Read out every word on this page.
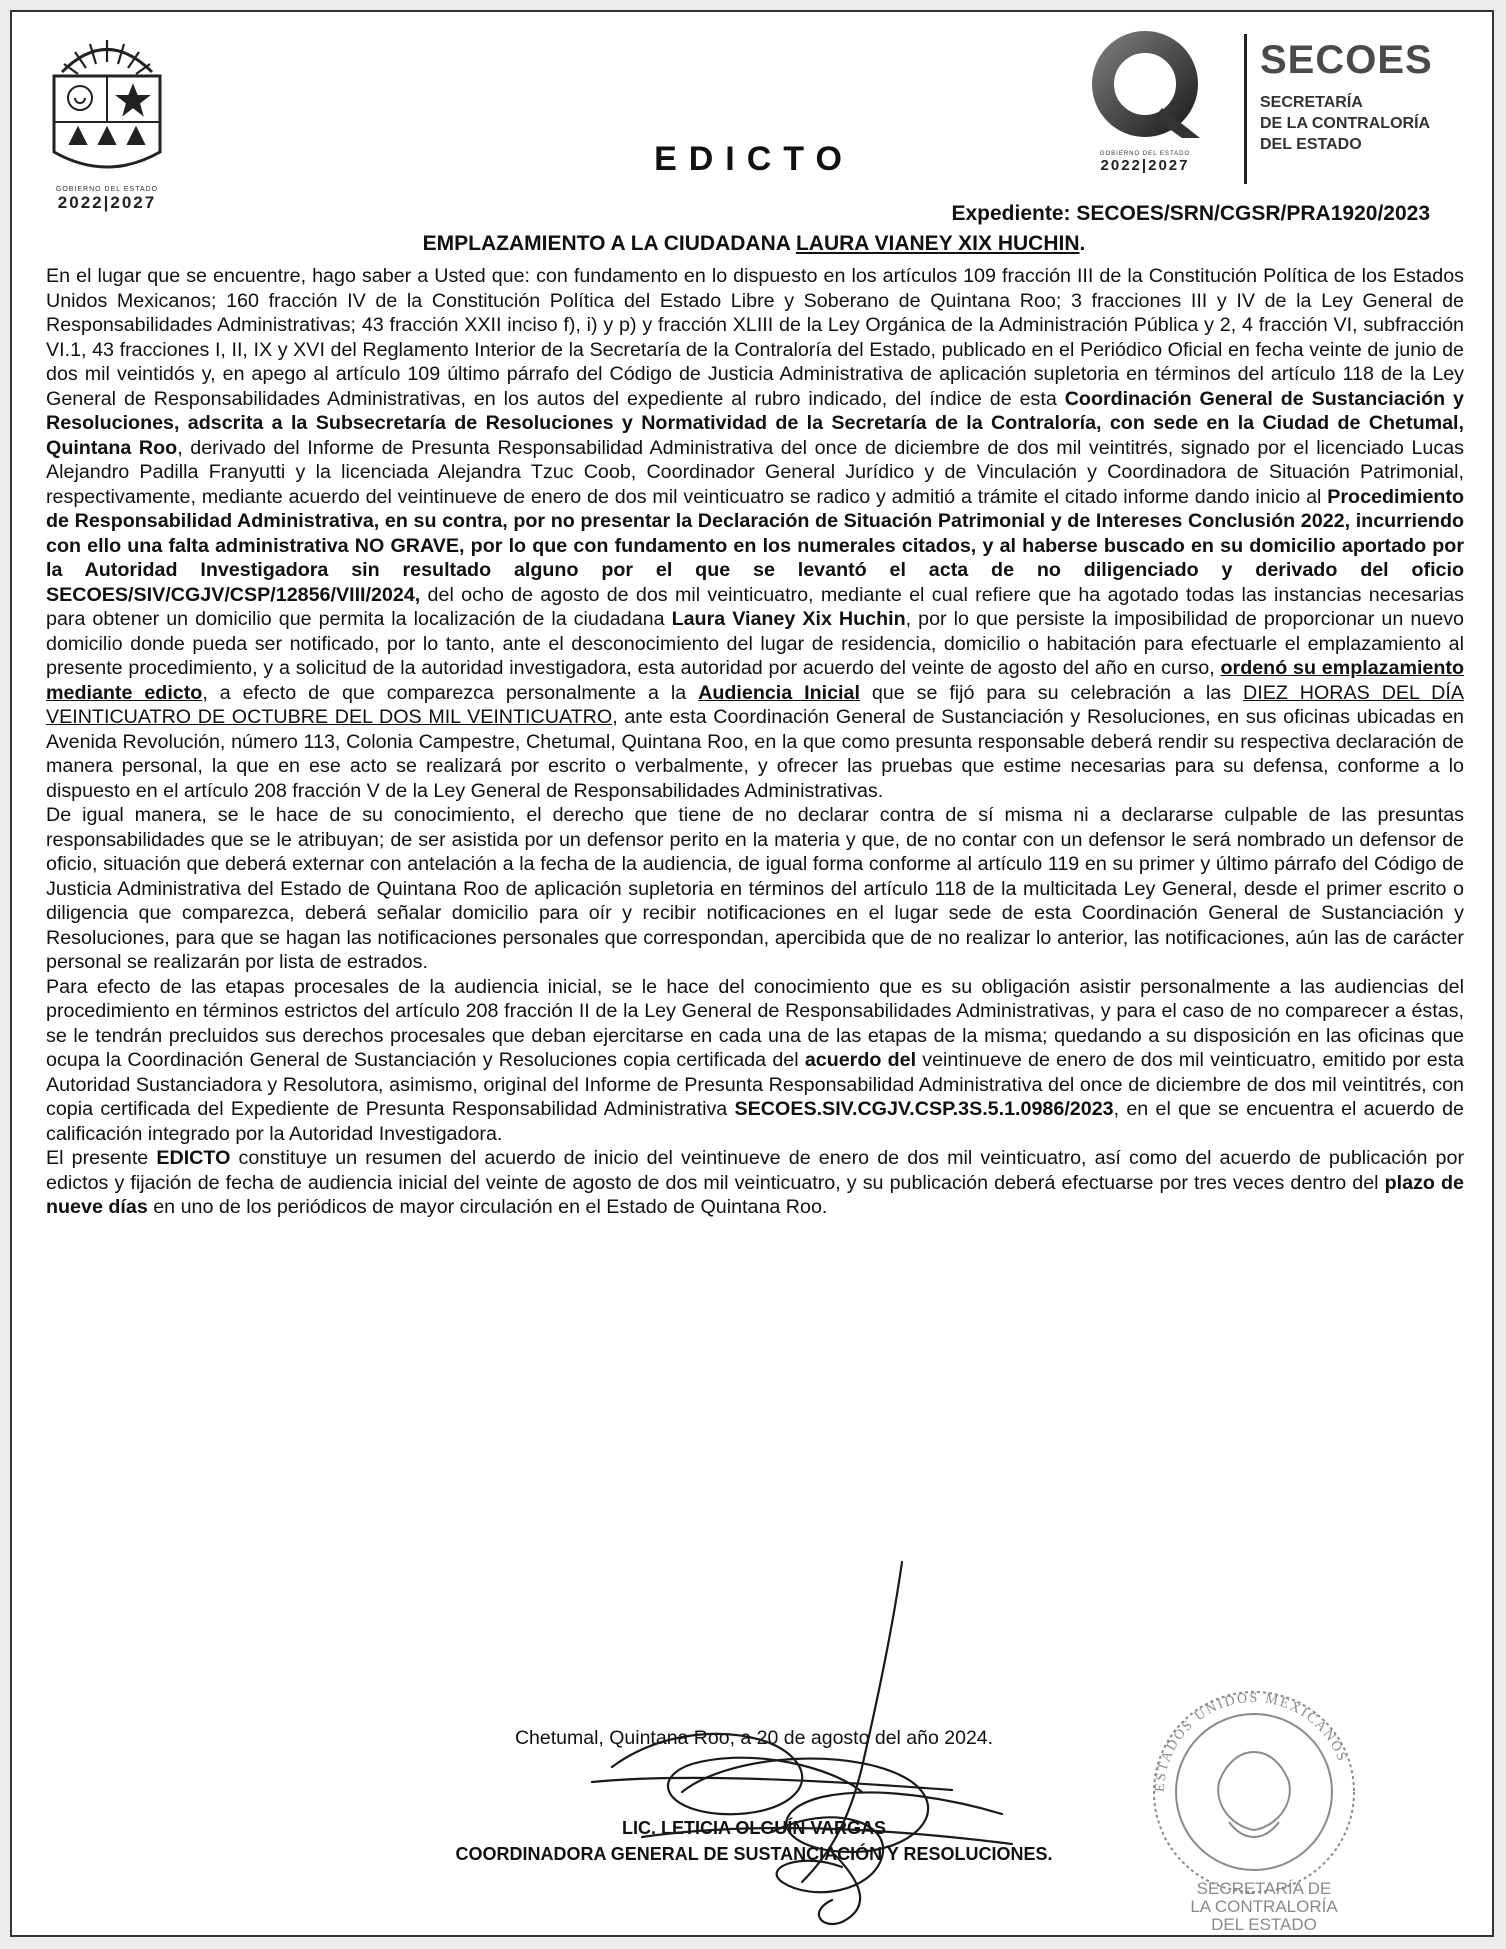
GOBIERNO DEL ESTADO
2022|2027
EDICTO	GOBIERNO DEL ESTADO
2022|2027
SECOES
SECRETARÍA
DE LA CONTRALORÍA
DEL ESTADO
Expediente: SECOES/SRN/CGSR/PRA1920/2023
EMPLAZAMIENTO A LA CIUDADANA LAURA VIANEY XIX HUCHIN.

En el lugar que se encuentre, hago saber a Usted que: con fundamento en lo dispuesto en los artículos 109 fracción III de la Constitución Política de los Estados Unidos Mexicanos; 160 fracción IV de la Constitución Política del Estado Libre y Soberano de Quintana Roo; 3 fracciones III y IV de la Ley General de Responsabilidades Administrativas; 43 fracción XXII inciso f), i) y p) y fracción XLIII de la Ley Orgánica de la Administración Pública y 2, 4 fracción VI, subfracción VI.1, 43 fracciones I, II, IX y XVI del Reglamento Interior de la Secretaría de la Contraloría del Estado, publicado en el Periódico Oficial en fecha veinte de junio de dos mil veintidós y, en apego al artículo 109 último párrafo del Código de Justicia Administrativa de aplicación supletoria en términos del artículo 118 de la Ley General de Responsabilidades Administrativas, en los autos del expediente al rubro indicado, del índice de esta Coordinación General de Sustanciación y Resoluciones, adscrita a la Subsecretaría de Resoluciones y Normatividad de la Secretaría de la Contraloría, con sede en la Ciudad de Chetumal, Quintana Roo, derivado del Informe de Presunta Responsabilidad Administrativa del once de diciembre de dos mil veintitrés, signado por el licenciado Lucas Alejandro Padilla Franyutti y la licenciada Alejandra Tzuc Coob, Coordinador General Jurídico y de Vinculación y Coordinadora de Situación Patrimonial, respectivamente, mediante acuerdo del veintinueve de enero de dos mil veinticuatro se radico y admitió a trámite el citado informe dando inicio al Procedimiento de Responsabilidad Administrativa, en su contra, por no presentar la Declaración de Situación Patrimonial y de Intereses Conclusión 2022, incurriendo con ello una falta administrativa NO GRAVE, por lo que con fundamento en los numerales citados, y al haberse buscado en su domicilio aportado por la Autoridad Investigadora sin resultado alguno por el que se levantó el acta de no diligenciado y derivado del oficio SECOES/SIV/CGJV/CSP/12856/VIII/2024, del ocho de agosto de dos mil veinticuatro, mediante el cual refiere que ha agotado todas las instancias necesarias para obtener un domicilio que permita la localización de la ciudadana Laura Vianey Xix Huchin, por lo que persiste la imposibilidad de proporcionar un nuevo domicilio donde pueda ser notificado, por lo tanto, ante el desconocimiento del lugar de residencia, domicilio o habitación para efectuarle el emplazamiento al presente procedimiento, y a solicitud de la autoridad investigadora, esta autoridad por acuerdo del veinte de agosto del año en curso, ordenó su emplazamiento mediante edicto, a efecto de que comparezca personalmente a la Audiencia Inicial que se fijó para su celebración a las DIEZ HORAS DEL DÍA VEINTICUATRO DE OCTUBRE DEL DOS MIL VEINTICUATRO, ante esta Coordinación General de Sustanciación y Resoluciones, en sus oficinas ubicadas en Avenida Revolución, número 113, Colonia Campestre, Chetumal, Quintana Roo, en la que como presunta responsable deberá rendir su respectiva declaración de manera personal, la que en ese acto se realizará por escrito o verbalmente, y ofrecer las pruebas que estime necesarias para su defensa, conforme a lo dispuesto en el artículo 208 fracción V de la Ley General de Responsabilidades Administrativas.

De igual manera, se le hace de su conocimiento, el derecho que tiene de no declarar contra de sí misma ni a declararse culpable de las presuntas responsabilidades que se le atribuyan; de ser asistida por un defensor perito en la materia y que, de no contar con un defensor le será nombrado un defensor de oficio, situación que deberá externar con antelación a la fecha de la audiencia, de igual forma conforme al artículo 119 en su primer y último párrafo del Código de Justicia Administrativa del Estado de Quintana Roo de aplicación supletoria en términos del artículo 118 de la multicitada Ley General, desde el primer escrito o diligencia que comparezca, deberá señalar domicilio para oír y recibir notificaciones en el lugar sede de esta Coordinación General de Sustanciación y Resoluciones, para que se hagan las notificaciones personales que correspondan, apercibida que de no realizar lo anterior, las notificaciones, aún las de carácter personal se realizarán por lista de estrados.

Para efecto de las etapas procesales de la audiencia inicial, se le hace del conocimiento que es su obligación asistir personalmente a las audiencias del procedimiento en términos estrictos del artículo 208 fracción II de la Ley General de Responsabilidades Administrativas, y para el caso de no comparecer a éstas, se le tendrán precluidos sus derechos procesales que deban ejercitarse en cada una de las etapas de la misma; quedando a su disposición en las oficinas que ocupa la Coordinación General de Sustanciación y Resoluciones copia certificada del acuerdo del veintinueve de enero de dos mil veinticuatro, emitido por esta Autoridad Sustanciadora y Resolutora, asimismo, original del Informe de Presunta Responsabilidad Administrativa del once de diciembre de dos mil veintitrés, con copia certificada del Expediente de Presunta Responsabilidad Administrativa SECOES.SIV.CGJV.CSP.3S.5.1.0986/2023, en el que se encuentra el acuerdo de calificación integrado por la Autoridad Investigadora.

El presente EDICTO constituye un resumen del acuerdo de inicio del veintinueve de enero de dos mil veinticuatro, así como del acuerdo de publicación por edictos y fijación de fecha de audiencia inicial del veinte de agosto de dos mil veinticuatro, y su publicación deberá efectuarse por tres veces dentro del plazo de nueve días en uno de los periódicos de mayor circulación en el Estado de Quintana Roo.

Chetumal, Quintana Roo, a 20 de agosto del año 2024.
LIC. LETICIA OLGUÍN VARGAS
COORDINADORA GENERAL DE SUSTANCIACIÓN Y RESOLUCIONES.
ESTADOS UNIDOS MEXICANOS
SECRETARÍA DE
LA CONTRALORÍA
DEL ESTADO
